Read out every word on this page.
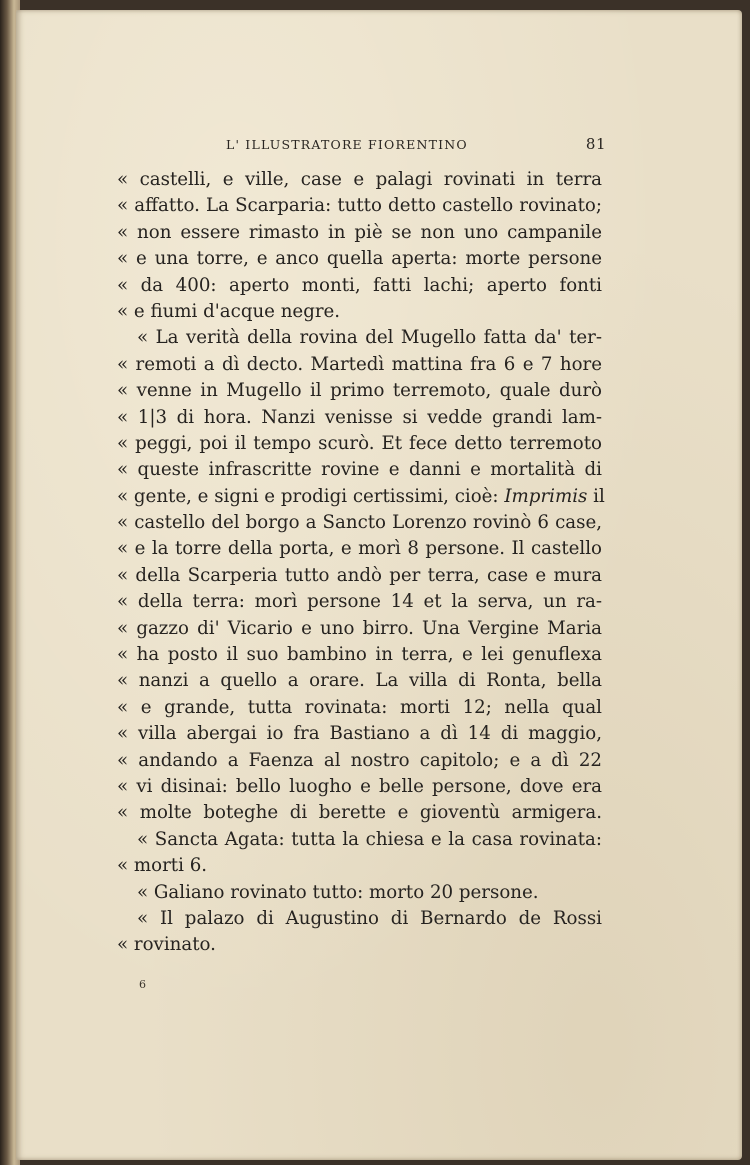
L' ILLUSTRATORE FIORENTINO	81
« castelli, e ville, case e palagi rovinati in terra
« affatto. La Scarparia: tutto detto castello rovinato;
« non essere rimasto in piè se non uno campanile
« e una torre, e anco quella aperta: morte persone
« da 400: aperto monti, fatti lachi; aperto fonti
« e fiumi d'acque negre.
« La verità della rovina del Mugello fatta da' ter-
« remoti a dì decto. Martedì mattina fra 6 e 7 hore
« venne in Mugello il primo terremoto, quale durò
« 1|3 di hora. Nanzi venisse si vedde grandi lam-
« peggi, poi il tempo scurò. Et fece detto terremoto
« queste infrascritte rovine e danni e mortalità di
« gente, e signi e prodigi certissimi, cioè: Imprimis il
« castello del borgo a Sancto Lorenzo rovinò 6 case,
« e la torre della porta, e morì 8 persone. Il castello
« della Scarperia tutto andò per terra, case e mura
« della terra: morì persone 14 et la serva, un ra-
« gazzo di' Vicario e uno birro. Una Vergine Maria
« ha posto il suo bambino in terra, e lei genuflexa
« nanzi a quello a orare. La villa di Ronta, bella
« e grande, tutta rovinata: morti 12; nella qual
« villa abergai io fra Bastiano a dì 14 di maggio,
« andando a Faenza al nostro capitolo; e a dì 22
« vi disinai: bello luogho e belle persone, dove era
« molte boteghe di berette e gioventù armigera.
« Sancta Agata: tutta la chiesa e la casa rovinata:
« morti 6.
« Galiano rovinato tutto: morto 20 persone.
« Il palazo di Augustino di Bernardo de Rossi
« rovinato.
6
